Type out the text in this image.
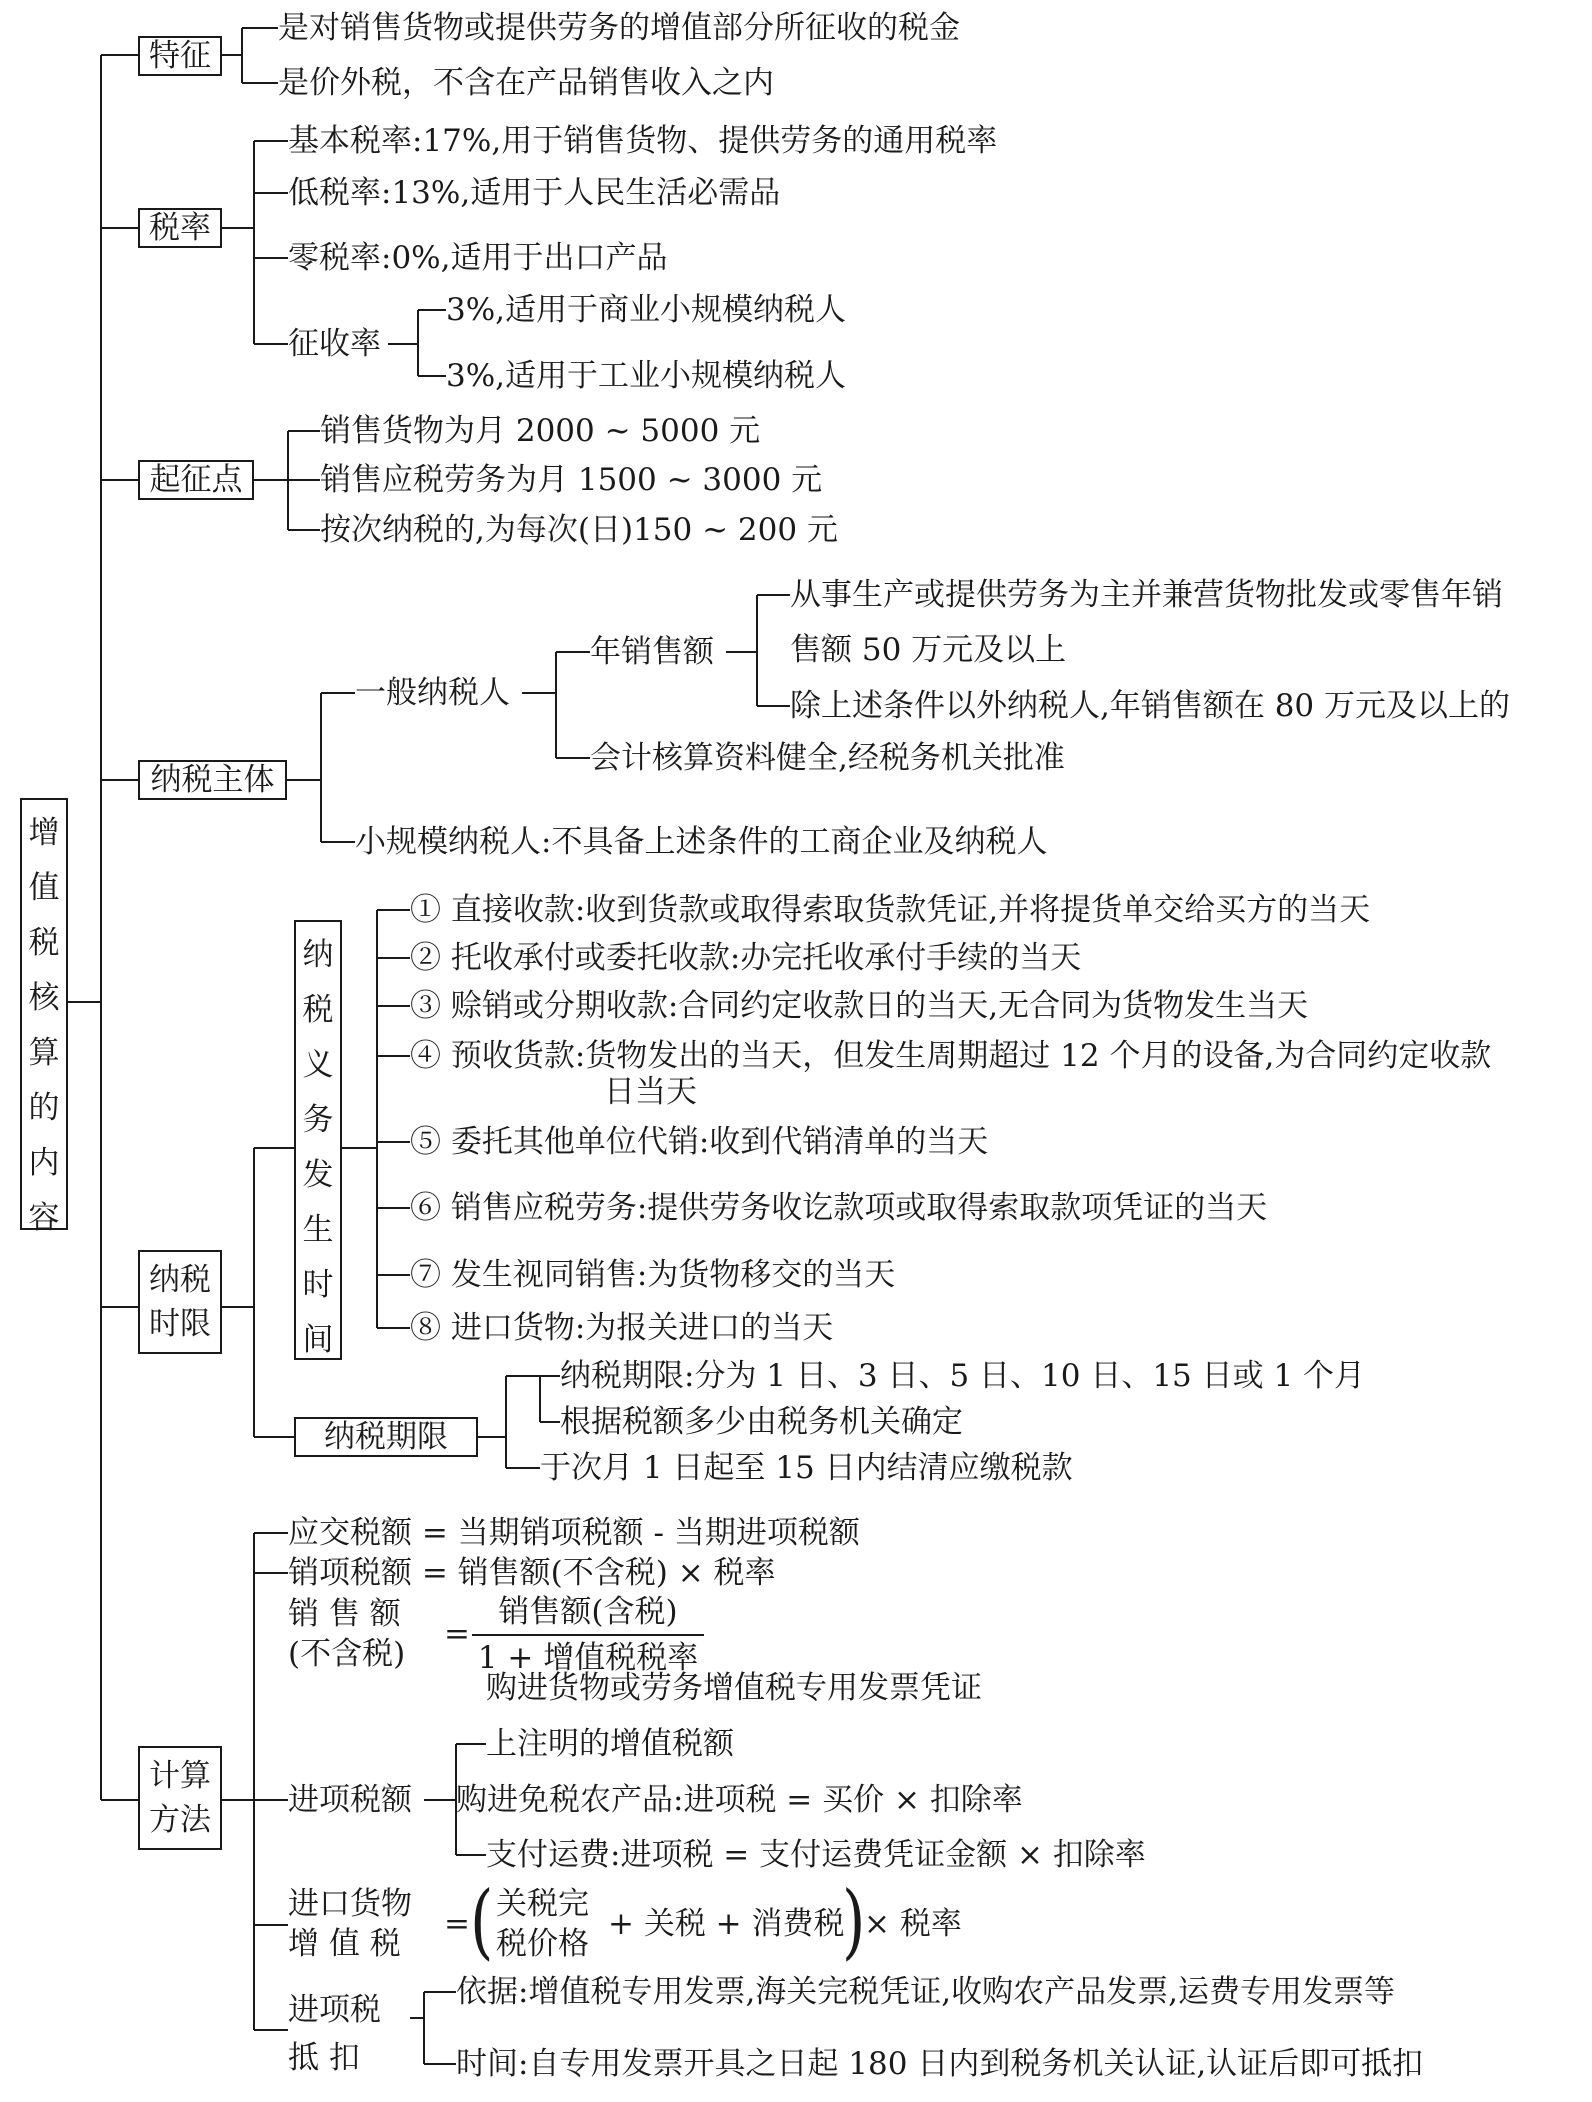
增
值
税
核
算
的
内
容
特征
是对销售货物或提供劳务的增值部分所征收的税金
是价外税，不含在产品销售收入之内
税率
基本税率:17%,用于销售货物、提供劳务的通用税率
低税率:13%,适用于人民生活必需品
零税率:0%,适用于出口产品
征收率
3%,适用于商业小规模纳税人
3%,适用于工业小规模纳税人
起征点
销售货物为月 2000 ~ 5000 元
销售应税劳务为月 1500 ~ 3000 元
按次纳税的,为每次(日)150 ~ 200 元
纳税主体
一般纳税人
年销售额
从事生产或提供劳务为主并兼营货物批发或零售年销
售额 50 万元及以上
除上述条件以外纳税人,年销售额在 80 万元及以上的
会计核算资料健全,经税务机关批准
小规模纳税人:不具备上述条件的工商企业及纳税人
纳税
时限
纳
税
义
务
发
生
时
间
① 直接收款:收到货款或取得索取货款凭证,并将提货单交给买方的当天
② 托收承付或委托收款:办完托收承付手续的当天
③ 赊销或分期收款:合同约定收款日的当天,无合同为货物发生当天
④ 预收货款:货物发出的当天，但发生周期超过 12 个月的设备,为合同约定收款
日当天
⑤ 委托其他单位代销:收到代销清单的当天
⑥ 销售应税劳务:提供劳务收讫款项或取得索取款项凭证的当天
⑦ 发生视同销售:为货物移交的当天
⑧ 进口货物:为报关进口的当天
纳税期限
纳税期限:分为 1 日、3 日、5 日、10 日、15 日或 1 个月
根据税额多少由税务机关确定
于次月 1 日起至 15 日内结清应缴税款
计算
方法
应交税额 = 当期销项税额 - 当期进项税额
销项税额 = 销售额(不含税) × 税率
销 售 额
(不含税)
=
销售额(含税)
1 + 增值税税率
进项税额
购进货物或劳务增值税专用发票凭证
上注明的增值税额
购进免税农产品:进项税 = 买价 × 扣除率
支付运费:进项税 = 支付运费凭证金额 × 扣除率
进口货物
增 值 税
= ( 关税完
税价格
+ 关税 + 消费税
)
× 税率
进项税
抵 扣
依据:增值税专用发票,海关完税凭证,收购农产品发票,运费专用发票等
时间:自专用发票开具之日起 180 日内到税务机关认证,认证后即可抵扣
